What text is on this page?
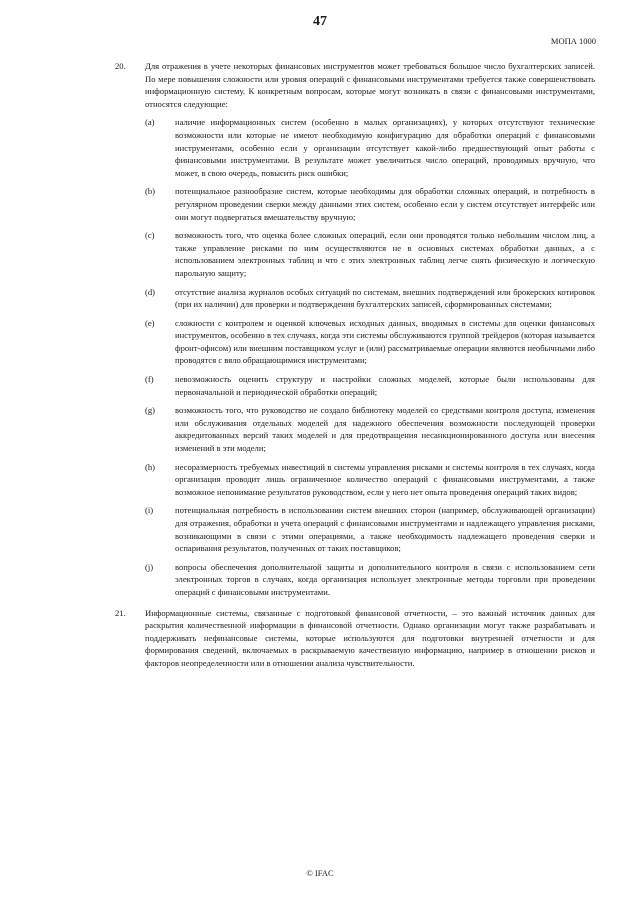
47
МОПА 1000
20. Для отражения в учете некоторых финансовых инструментов может требоваться большое число бухгалтерских записей. По мере повышения сложности или уровня операций с финансовыми инструментами требуется также совершенствовать информационную систему. К конкретным вопросам, которые могут возникать в связи с финансовыми инструментами, относятся следующие:
(a) наличие информационных систем (особенно в малых организациях), у которых отсутствуют технические возможности или которые не имеют необходимую конфигурацию для обработки операций с финансовыми инструментами, особенно если у организации отсутствует какой-либо предшествующий опыт работы с финансовыми инструментами. В результате может увеличиться число операций, проводимых вручную, что может, в свою очередь, повысить риск ошибки;
(b) потенциальное разнообразие систем, которые необходимы для обработки сложных операций, и потребность в регулярном проведении сверки между данными этих систем, особенно если у систем отсутствует интерфейс или они могут подвергаться вмешательству вручную;
(c) возможность того, что оценка более сложных операций, если они проводятся только небольшим числом лиц, а также управление рисками по ним осуществляются не в основных системах обработки данных, а с использованием электронных таблиц и что с этих электронных таблиц легче снять физическую и логическую парольную защиту;
(d) отсутствие анализа журналов особых ситуаций по системам, внешних подтверждений или брокерских котировок (при их наличии) для проверки и подтверждения бухгалтерских записей, сформированных системами;
(e) сложности с контролем и оценкой ключевых исходных данных, вводимых в системы для оценки финансовых инструментов, особенно в тех случаях, когда эти системы обслуживаются группой трейдеров (которая называется фронт-офисом) или внешним поставщиком услуг и (или) рассматриваемые операции являются необычными либо проводятся с вяло обращающимися инструментами;
(f) невозможность оценить структуру и настройки сложных моделей, которые были использованы для первоначальной и периодической обработки операций;
(g) возможность того, что руководство не создало библиотеку моделей со средствами контроля доступа, изменения или обслуживания отдельных моделей для надежного обеспечения возможности последующей проверки аккредитованных версий таких моделей и для предотвращения несанкционированного доступа или внесения изменений в эти модели;
(h) несоразмерность требуемых инвестиций в системы управления рисками и системы контроля в тех случаях, когда организация проводит лишь ограниченное количество операций с финансовыми инструментами, а также возможное непонимание результатов руководством, если у него нет опыта проведения операций таких видов;
(i)	потенциальная потребность в использовании систем внешних сторон (например, обслуживающей организации) для отражения, обработки и учета операций с финансовыми инструментами и надлежащего управления рисками, возникающими в связи с этими операциями, а также необходимость надлежащего проведения сверки и оспаривания результатов, полученных от таких поставщиков;
(j)	вопросы обеспечения дополнительной защиты и дополнительного контроля в связи с использованием сети электронных торгов в случаях, когда организация использует электронные методы торговли при проведении операций с финансовыми инструментами.
21. Информационные системы, связанные с подготовкой финансовой отчетности, – это важный источник данных для раскрытия количественной информации в финансовой отчетности. Однако организации могут также разрабатывать и поддерживать нефинансовые системы, которые используются для подготовки внутренней отчетности и для формирования сведений, включаемых в раскрываемую качественную информацию, например в отношении рисков и факторов неопределенности или в отношении анализа чувствительности.
© IFAC
